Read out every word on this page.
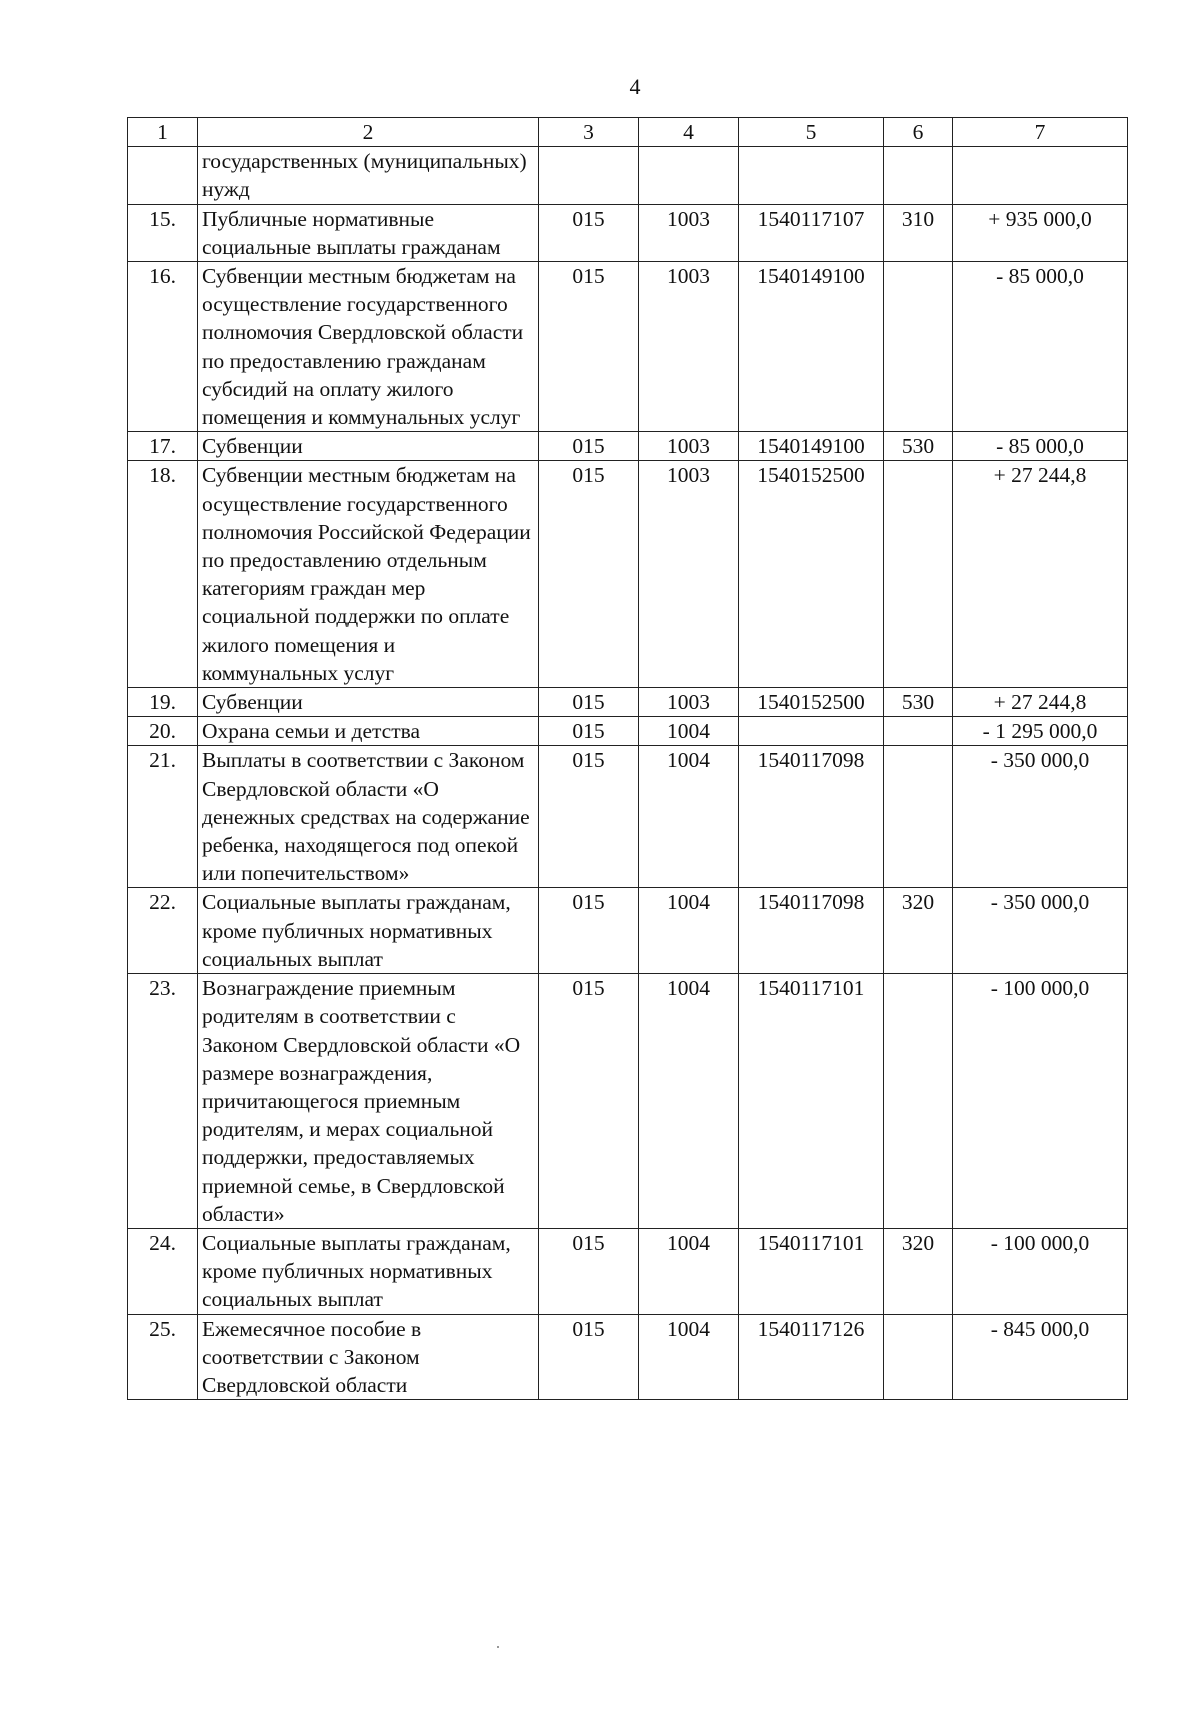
4
1	2	3	4	5	6	7
	государственных (муниципальных) нужд					
15.	Публичные нормативные социальные выплаты гражданам	015	1003	1540117107	310	+ 935 000,0
16.	Субвенции местным бюджетам на осуществление государственного полномочия Свердловской области по предоставлению гражданам субсидий на оплату жилого помещения и коммунальных услуг	015	1003	1540149100		- 85 000,0
17.	Субвенции	015	1003	1540149100	530	- 85 000,0
18.	Субвенции местным бюджетам на осуществление государственного полномочия Российской Федерации по предоставлению отдельным категориям граждан мер социальной поддержки по оплате жилого помещения и коммунальных услуг	015	1003	1540152500		+ 27 244,8
19.	Субвенции	015	1003	1540152500	530	+ 27 244,8
20.	Охрана семьи и детства	015	1004			- 1 295 000,0
21.	Выплаты в соответствии с Законом Свердловской области «О денежных средствах на содержание ребенка, находящегося под опекой или попечительством»	015	1004	1540117098		- 350 000,0
22.	Социальные выплаты гражданам, кроме публичных нормативных социальных выплат	015	1004	1540117098	320	- 350 000,0
23.	Вознаграждение приемным родителям в соответствии с Законом Свердловской области «О размере вознаграждения, причитающегося приемным родителям, и мерах социальной поддержки, предоставляемых приемной семье, в Свердловской области»	015	1004	1540117101		- 100 000,0
24.	Социальные выплаты гражданам, кроме публичных нормативных социальных выплат	015	1004	1540117101	320	- 100 000,0
25.	Ежемесячное пособие в соответствии с Законом Свердловской области	015	1004	1540117126		- 845 000,0
